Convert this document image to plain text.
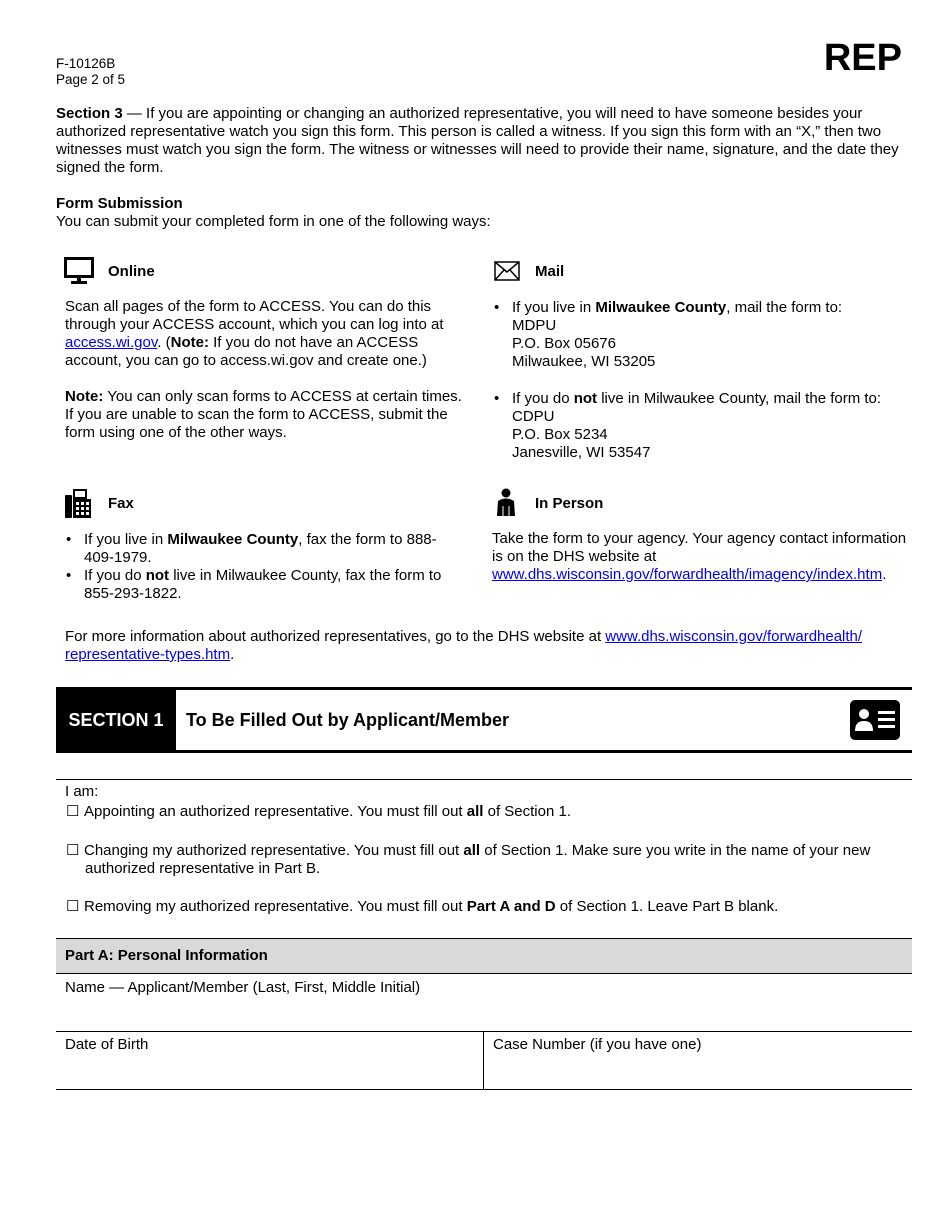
F-10126B
Page 2 of 5
REP
Section 3 — If you are appointing or changing an authorized representative, you will need to have someone besides your authorized representative watch you sign this form. This person is called a witness. If you sign this form with an “X,” then two witnesses must watch you sign the form. The witness or witnesses will need to provide their name, signature, and the date they signed the form.
Form Submission
You can submit your completed form in one of the following ways:
Online
Scan all pages of the form to ACCESS. You can do this through your ACCESS account, which you can log into at access.wi.gov. (Note: If you do not have an ACCESS account, you can go to access.wi.gov and create one.)
Note: You can only scan forms to ACCESS at certain times. If you are unable to scan the form to ACCESS, submit the form using one of the other ways.
Mail
• If you live in Milwaukee County, mail the form to:
MDPU
P.O. Box 05676
Milwaukee, WI 53205
• If you do not live in Milwaukee County, mail the form to:
CDPU
P.O. Box 5234
Janesville, WI 53547
Fax
• If you live in Milwaukee County, fax the form to 888-409-1979.
• If you do not live in Milwaukee County, fax the form to 855-293-1822.
In Person
Take the form to your agency. Your agency contact information is on the DHS website at www.dhs.wisconsin.gov/forwardhealth/imagency/index.htm.
For more information about authorized representatives, go to the DHS website at www.dhs.wisconsin.gov/forwardhealth/
representative-types.htm.
SECTION 1	To Be Filled Out by Applicant/Member
I am:
☐ Appointing an authorized representative. You must fill out all of Section 1.
☐ Changing my authorized representative. You must fill out all of Section 1. Make sure you write in the name of your new authorized representative in Part B.
☐ Removing my authorized representative. You must fill out Part A and D of Section 1. Leave Part B blank.
Part A: Personal Information
Name — Applicant/Member (Last, First, Middle Initial)
Date of Birth	Case Number (if you have one)
